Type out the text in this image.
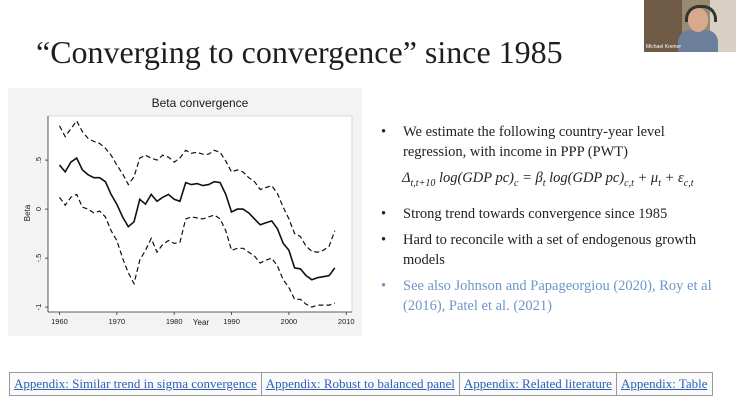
“Converging to convergence” since 1985	Michael Kremer
Beta convergence
Beta
Year
-1
-.5
0
.5
1960	1970	1980	1990	2000	2010
• We estimate the following country-year level regression, with income in PPP (PWT)
$\Delta_{t,t+10}$ log(GDP $pc)_c = \beta_t$ log(GDP $pc)_{c,t} + \mu_t + \varepsilon_{c,t}$
• Strong trend towards convergence since 1985
• Hard to reconcile with a set of endogenous growth models
• See also Johnson and Papageorgiou (2020), Roy et al (2016), Patel et al. (2021)
Appendix: Similar trend in sigma convergence Appendix: Robust to balanced panel Appendix: Related literature Appendix: Table
